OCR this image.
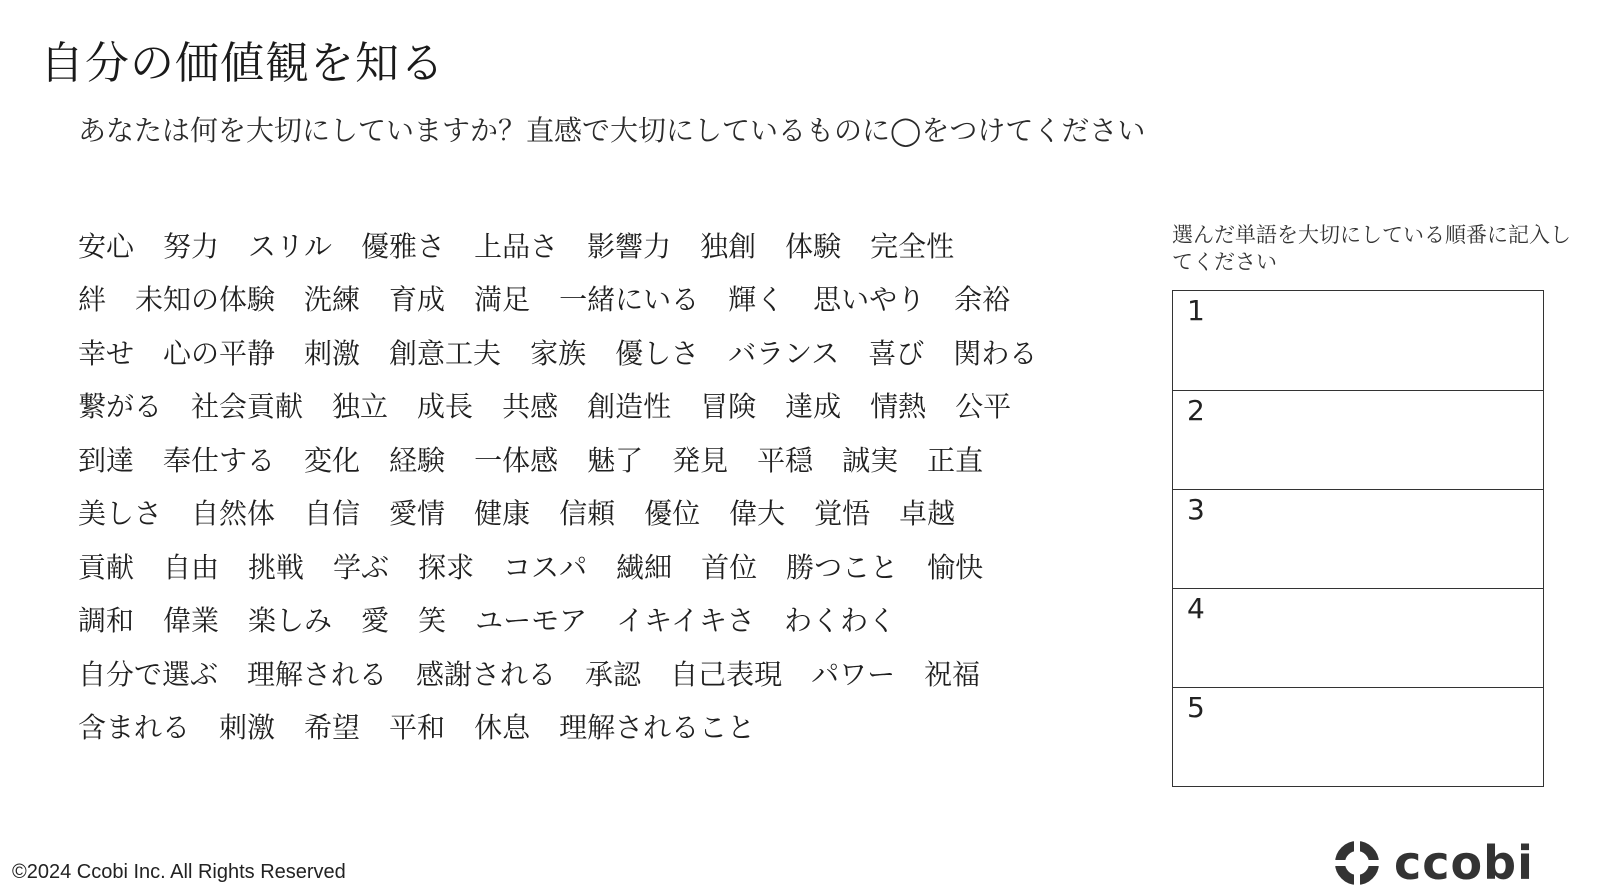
自分の価値観を知る
あなたは何を大切にしていますか？直感で大切にしているものに◯をつけてください
安心 努力 スリル 優雅さ 上品さ 影響力 独創 体験 完全性
絆 未知の体験 洗練 育成 満足 一緒にいる 輝く 思いやり 余裕
幸せ 心の平静 刺激 創意工夫 家族 優しさ バランス 喜び 関わる
繋がる 社会貢献 独立 成長 共感 創造性 冒険 達成 情熱 公平
到達 奉仕する 変化 経験 一体感 魅了 発見 平穏 誠実 正直
美しさ 自然体 自信 愛情 健康 信頼 優位 偉大 覚悟 卓越
貢献 自由 挑戦 学ぶ 探求 コスパ 繊細 首位 勝つこと 愉快
調和 偉業 楽しみ 愛 笑 ユーモア イキイキさ わくわく
自分で選ぶ 理解される 感謝される 承認 自己表現 パワー 祝福
含まれる 刺激 希望 平和 休息 理解されること
選んだ単語を大切にしている順番に記入してください
1
2
3
4
5
©2024 Ccobi Inc. All Rights Reserved	ccobi
